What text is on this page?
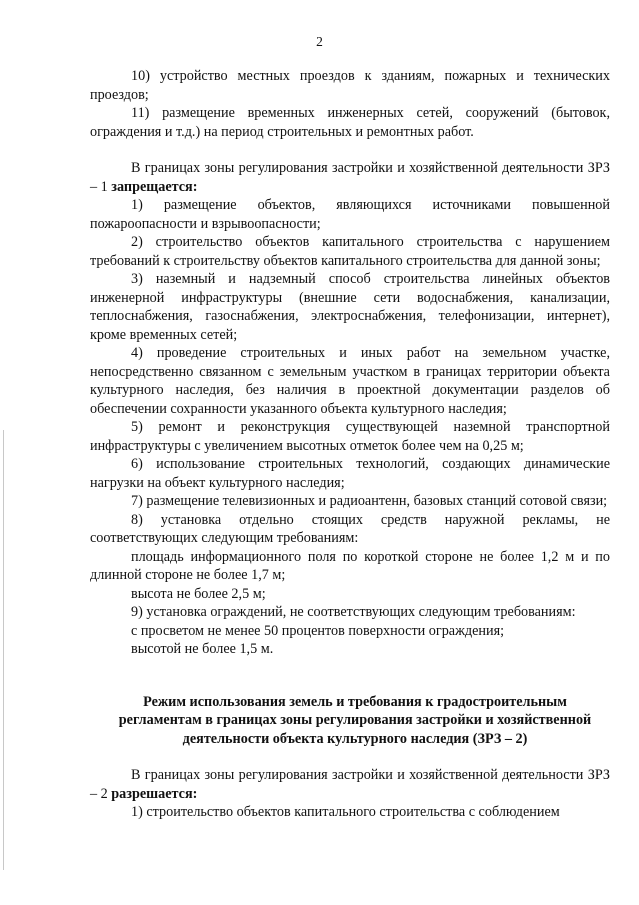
2

10) устройство местных проездов к зданиям, пожарных и технических проездов;

11) размещение временных инженерных сетей, сооружений (бытовок, ограждения и т.д.) на период строительных и ремонтных работ.

В границах зоны регулирования застройки и хозяйственной деятельности ЗРЗ – 1 запрещается:

1) размещение объектов, являющихся источниками повышенной пожароопасности и взрывоопасности;

2) строительство объектов капитального строительства с нарушением требований к строительству объектов капитального строительства для данной зоны;

3) наземный и надземный способ строительства линейных объектов инженерной инфраструктуры (внешние сети водоснабжения, канализации, теплоснабжения, газоснабжения, электроснабжения, телефонизации, интернет), кроме временных сетей;

4) проведение строительных и иных работ на земельном участке, непосредственно связанном с земельным участком в границах территории объекта культурного наследия, без наличия в проектной документации разделов об обеспечении сохранности указанного объекта культурного наследия;

5) ремонт и реконструкция существующей наземной транспортной инфраструктуры с увеличением высотных отметок более чем на 0,25 м;

6) использование строительных технологий, создающих динамические нагрузки на объект культурного наследия;

7) размещение телевизионных и радиоантенн, базовых станций сотовой связи;

8) установка отдельно стоящих средств наружной рекламы, не соответствующих следующим требованиям:

площадь информационного поля по короткой стороне не более 1,2 м и по длинной стороне не более 1,7 м;

высота не более 2,5 м;

9) установка ограждений, не соответствующих следующим требованиям:

с просветом не менее 50 процентов поверхности ограждения;

высотой не более 1,5 м.

Режим использования земель и требования к градостроительным

регламентам в границах зоны регулирования застройки и хозяйственной

деятельности объекта культурного наследия (ЗРЗ – 2)

В границах зоны регулирования застройки и хозяйственной деятельности ЗРЗ – 2 разрешается:

1) строительство объектов капитального строительства с соблюдением
